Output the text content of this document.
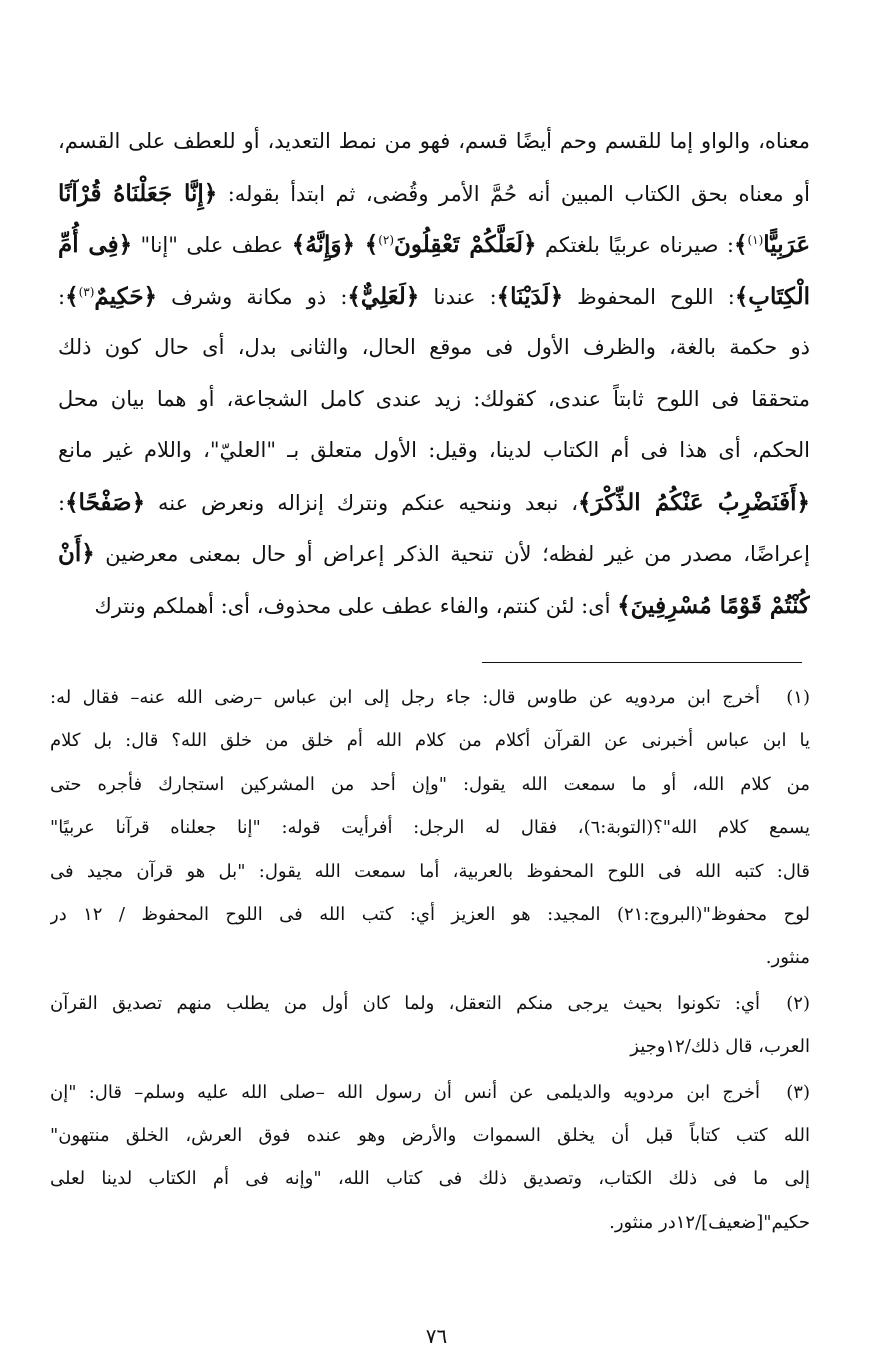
معناه، والواو إما للقسم وحم أيضًا قسم، فهو من نمط التعديد، أو للعطف على القسم،
أو معناه بحق الكتاب المبين أنه حُمَّ الأمر وقُضى، ثم ابتدأ بقوله: ﴿إِنَّا جَعَلْنَاهُ قُرْآنًا
عَرَبِيًّا$^{(١)}$﴾: صيرناه عربيًا بلغتكم ﴿لَعَلَّكُمْ تَعْقِلُونَ$^{(٢)}$﴾ ﴿وَإِنَّهُ﴾ عطف على "إنا" ﴿فِى أُمِّ
الْكِتَابِ﴾: اللوح المحفوظ ﴿لَدَيْنَا﴾: عندنا ﴿لَعَلِيٌّ﴾: ذو مكانة وشرف ﴿حَكِيمٌ$^{(٣)}$﴾:
ذو حكمة بالغة، والظرف الأول فى موقع الحال، والثانى بدل، أى حال كون ذلك
متحققا فى اللوح ثابتاً عندى، كقولك: زيد عندى كامل الشجاعة، أو هما بيان محل
الحكم، أى هذا فى أم الكتاب لدينا، وقيل: الأول متعلق بـ "العليّ"، واللام غير مانع
﴿أَفَنَضْرِبُ عَنْكُمُ الذِّكْرَ﴾، نبعد وننحيه عنكم ونترك إنزاله ونعرض عنه ﴿صَفْحًا﴾:
إعراضًا، مصدر من غير لفظه؛ لأن تنحية الذكر إعراض أو حال بمعنى معرضين ﴿أَنْ
كُنْتُمْ قَوْمًا مُسْرِفِينَ﴾ أى: لئن كنتم، والفاء عطف على محذوف، أى: أهملكم ونترك
(١)
أخرج ابن مردويه عن طاوس قال: جاء رجل إلى ابن عباس –رضى الله عنه– فقال له:
يا ابن عباس أخبرنى عن القرآن أكلام من كلام الله أم خلق من خلق الله؟ قال: بل كلام
من كلام الله، أو ما سمعت الله يقول: "وإن أحد من المشركين استجارك فأجره حتى
يسمع كلام الله"؟(التوبة:٦)، فقال له الرجل: أفرأيت قوله: "إنا جعلناه قرآنا عربيًا"
قال: كتبه الله فى اللوح المحفوظ بالعربية، أما سمعت الله يقول: "بل هو قرآن مجيد فى
لوح محفوظ"(البروج:٢١) المجيد: هو العزيز أي: كتب الله فى اللوح المحفوظ / ١٢ در
منثور.
(٢)
أي: تكونوا بحيث يرجى منكم التعقل، ولما كان أول من يطلب منهم تصديق القرآن
العرب، قال ذلك/١٢وجيز
(٣)
أخرج ابن مردويه والديلمى عن أنس أن رسول الله –صلى الله عليه وسلم– قال: "إن
الله كتب كتاباً قبل أن يخلق السموات والأرض وهو عنده فوق العرش، الخلق منتهون"
إلى ما فى ذلك الكتاب، وتصديق ذلك فى كتاب الله، "وإنه فى أم الكتاب لدينا لعلى
حكيم"[ضعيف]/١٢در منثور.
٧٦
